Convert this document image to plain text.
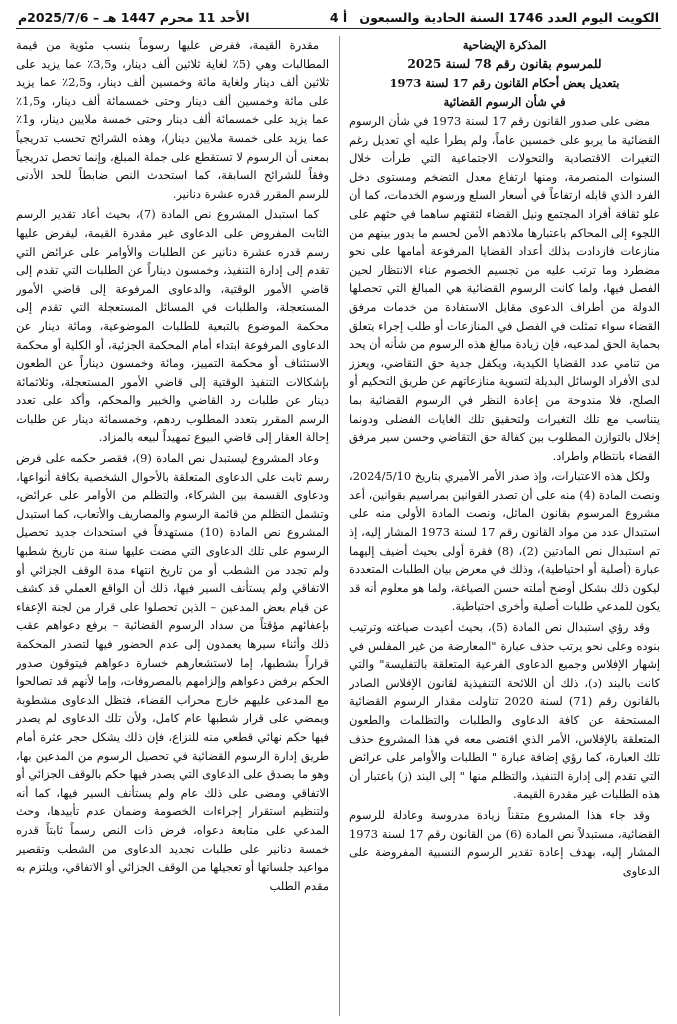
الكويت اليوم العدد 1746 السنة الحادية والسبعون
أ 4
الأحد 11 محرم 1447 هـ – 2025/7/6م
المذكرة الإيضاحية
للمرسوم بقانون رقم 78 لسنة 2025
بتعديل بعض أحكام القانون رقم 17 لسنة 1973
في شأن الرسوم القضائية

مضى على صدور القانون رقم 17 لسنة 1973 في شأن الرسوم القضائية ما يربو على خمسين عاماً، ولم يطرأ عليه أي تعديل رغم التغيرات الاقتصادية والتحولات الاجتماعية التي طرأت خلال السنوات المنصرمة، ومنها ارتفاع معدل التضخم ومستوى دخل الفرد الذي قابله ارتفاعاً في أسعار السلع ورسوم الخدمات، كما أن علو ثقافة أفراد المجتمع ونيل القضاء لثقتهم ساهما في حثهم على اللجوء إلى المحاكم باعتبارها ملاذهم الأمن لحسم ما يدور بينهم من منازعات فازدادت بذلك أعداد القضايا المرفوعة أمامها على نحو مضطرد وما ترتب عليه من تجسيم الخصوم عناء الانتظار لحين الفصل فيها، ولما كانت الرسوم القضائية هي المبالغ التي تحصلها الدولة من أطراف الدعوى مقابل الاستفادة من خدمات مرفق القضاء سواء تمثلت في الفصل في المنازعات أو طلب إجراء يتعلق بحماية الحق لمدعيه، فإن زيادة مبالغ هذه الرسوم من شأنه أن يحد من تنامي عدد القضايا الكيدية، ويكفل جدية حق التقاضي، ويعزز لدى الأفراد الوسائل البديلة لتسوية منازعاتهم عن طريق التحكيم أو الصلح، فلا مندوحة من إعادة النظر في الرسوم القضائية بما يتناسب مع تلك التغيرات ولتحقيق تلك الغايات الفضلى ودونما إخلال بالتوازن المطلوب بين كفالة حق التقاضي وحسن سير مرفق القضاء بانتظام واطراد.

ولكل هذه الاعتبارات، وإذ صدر الأمر الأميري بتاريخ 2024/5/10، ونصت المادة (4) منه على أن تصدر القوانين بمراسيم بقوانين، أعد مشروع المرسوم بقانون الماثل، ونصت المادة الأولى منه على استبدال عدد من مواد القانون رقم 17 لسنة 1973 المشار إليه، إذ تم استبدال نص المادتين (2)، (8) فقرة أولى بحيث أضيف إليهما عبارة (أصلية أو احتياطية)، وذلك في معرض بيان الطلبات المتعددة ليكون ذلك بشكل أوضح أملته حسن الصياغة، ولما هو معلوم أنه قد يكون للمدعي طلبات أصلية وأخرى احتياطية.

وقد رؤي استبدال نص المادة (5)، بحيث أعيدت صياغته وترتيب بنوده وعلى نحو يرتب حذف عبارة "المعارضة من غير المفلس في إشهار الإفلاس وجميع الدعاوى الفرعية المتعلقة بالتفليسة" والتي كانت بالبند (د)، ذلك أن اللائحة التنفيذية لقانون الإفلاس الصادر بالقانون رقم (71) لسنة 2020 تناولت مقدار الرسوم القضائية المستحقة عن كافة الدعاوى والطلبات والتظلمات والطعون المتعلقة بالإفلاس، الأمر الذي اقتضى معه في هذا المشروع حذف تلك العبارة، كما رؤي إضافة عبارة " الطلبات والأوامر على عرائض التي تقدم إلى إدارة التنفيذ، والتظلم منها " إلى البند (ز) باعتبار أن هذه الطلبات غير مقدرة القيمة.

وقد جاء هذا المشروع متقناً زيادة مدروسة وعادلة للرسوم القضائية، مستبدلاً نص المادة (6) من القانون رقم 17 لسنة 1973 المشار إليه، بهدف إعادة تقدير الرسوم النسبية المفروضة على الدعاوى

مقدرة القيمة، ففرض عليها رسوماً بنسب مئوية من قيمة المطالبات وهي (5٪ لغاية ثلاثين ألف دينار، و3,5٪ عما يزيد على ثلاثين ألف دينار ولغاية مائة وخمسين ألف دينار، و2,5٪ عما يزيد على مائة وخمسين ألف دينار وحتى خمسمائة ألف دينار، و1,5٪ عما يزيد على خمسمائة ألف دينار وحتى خمسة ملايين دينار، و1٪ عما يزيد على خمسة ملايين دينار)، وهذه الشرائح تحسب تدريجياً بمعنى أن الرسوم لا تستقطع على جملة المبلغ، وإنما تحصل تدريجياً وفقاً للشرائح السابقة، كما استحدث النص ضابطاً للحد الأدنى للرسم المقرر قدره عشرة دنانير.

كما استبدل المشروع نص المادة (7)، بحيث أعاد تقدير الرسم الثابت المفروض على الدعاوى غير مقدرة القيمة، ليفرض عليها رسم قدره عشرة دنانير عن الطلبات والأوامر على عرائض التي تقدم إلى إدارة التنفيذ، وخمسون ديناراً عن الطلبات التي تقدم إلى قاضي الأمور الوقتية، والدعاوى المرفوعة إلى قاضي الأمور المستعجلة، والطلبات في المسائل المستعجلة التي تقدم إلى محكمة الموضوع بالتبعية للطلبات الموضوعية، ومائة دينار عن الدعاوى المرفوعة ابتداء أمام المحكمة الجزئية، أو الكلية أو محكمة الاستئناف أو محكمة التمييز، ومائة وخمسون ديناراً عن الطعون بإشكالات التنفيذ الوقتية إلى قاضي الأمور المستعجلة، وثلاثمائة دينار عن طلبات رد القاضي والخبير والمحكم، وأكد على تعدد الرسم المقرر بتعدد المطلوب ردهم، وخمسمائة دينار عن طلبات إحالة العقار إلى قاضي البيوع تمهيداً لبيعه بالمزاد.

وعاد المشروع ليستبدل نص المادة (9)، فقصر حكمه على فرض رسم ثابت على الدعاوى المتعلقة بالأحوال الشخصية بكافة أنواعها، ودعاوى القسمة بين الشركاء، والتظلم من الأوامر على عرائض، وتشمل التظلم من قائمة الرسوم والمصاريف والأتعاب، كما استبدل المشروع نص المادة (10) مستهدفاً في استحداث جديد تحصيل الرسوم على تلك الدعاوى التي مضت عليها سنة من تاريخ شطبها ولم تجدد من الشطب أو من تاريخ انتهاء مدة الوقف الجزائي أو الاتفاقي ولم يستأنف السير فيها، ذلك أن الواقع العملي قد كشف عن قيام بعض المدعين – الذين تحصلوا على قرار من لجنة الإعفاء بإعفائهم مؤقتاً من سداد الرسوم القضائية – برفع دعواهم عقب ذلك وأثناء سيرها يعمدون إلى عدم الحضور فيها لتصدر المحكمة قراراً بشطبها، إما لاستشعارهم خسارة دعواهم فيتوقون صدور الحكم برفض دعواهم وإلزامهم بالمصروفات، وإما لأنهم قد تصالحوا مع المدعى عليهم خارج محراب القضاء، فتظل الدعاوى مشطوبة ويمضي على قرار شطبها عام كامل، ولأن تلك الدعاوى لم يصدر فيها حكم نهائي قطعي منه للنزاع، فإن ذلك يشكل حجر عثرة أمام طريق إدارة الرسوم القضائية في تحصيل الرسوم من المدعين بها، وهو ما يصدق على الدعاوى التي يصدر فيها حكم بالوقف الجزائي أو الاتفاقي ومضى على ذلك عام ولم يستأنف السير فيها، كما أنه ولتنظيم استقرار إجراءات الخصومة وضمان عدم تأبيدها، وحث المدعي على متابعة دعواه، فرض ذات النص رسماً ثابتاً قدره خمسة دنانير على طلبات تجديد الدعاوى من الشطب وتقصير مواعيد جلساتها أو تعجيلها من الوقف الجزائي أو الاتفاقي، ويلتزم به مقدم الطلب
